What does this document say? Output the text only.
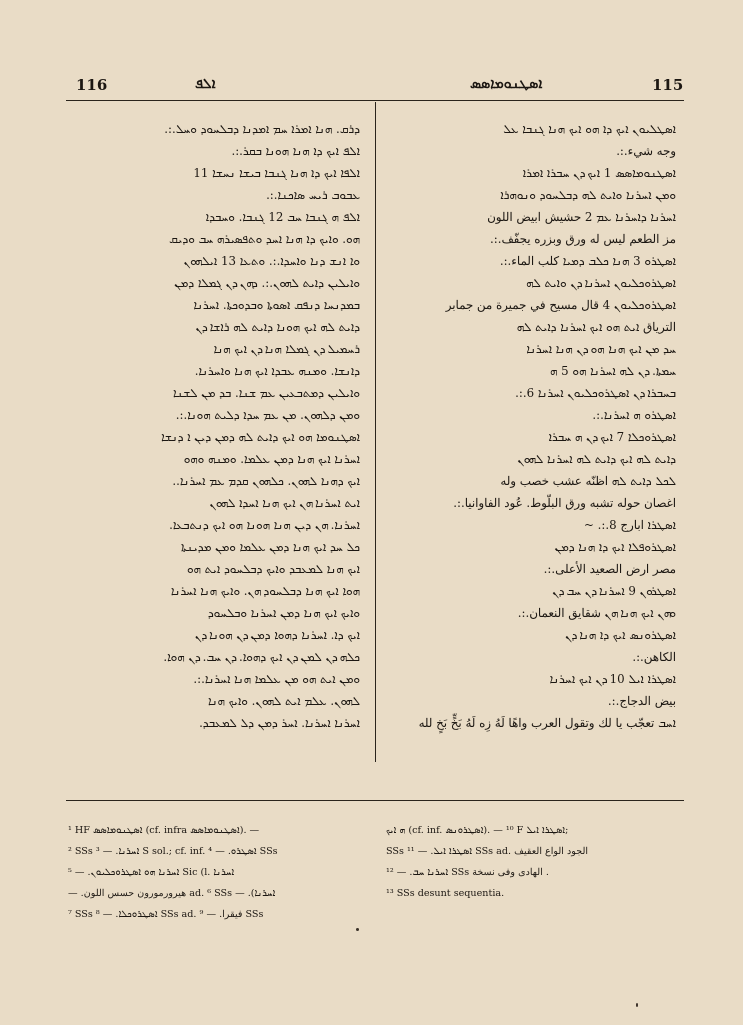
116	ܐܠܦ	ܐܣܛܢܘܡܐܣܣ	115
ܕܪܩ. ܗܢܐ ܐܡܪܐ ܚܡ ܐܡܕܢܐ ܕܒܠܚܘܕ ܘܚܠ.:.
ܐܠܦ ܐܝܟ ܕܐ ܗܢܐ ܗܘܢܐ ܒܩܪ.:.
ܐܠܦܐ ܐܝܟ ܕܐ ܗܢܐ ܓܢܒܐ ܒܝܫܐ ܢܚܫܐ 11
ܥܒܘܒ ܪܝܚ ܣܐܟܢܐ.:.
ܐܠܦ ܗ ܓܢܒܐ ܚܒ 12 ܓܢܒܐ. ܘܚܒܕܐ
ܗܘ. ܘܐܝܟ ܕܐ ܗܢܐ ܐܚܕ ܘܬܦܣܝܪܗ ܚܒ ܘܕܝܩ
ܘܐ ܐܢܫ ܕܢܐ ܘܐܚܕܐ.:. ܘܬܥܐ 13 ܐܝܠܗܘܢ
ܘܐܝܠܝܢ ܕܐܝܬ ܠܗܘܢ.:. ܕܗܢ ܕܢ ܓܡܠܐ ܕܡܢ
ܒܡܕܢܚܐ ܕܢܦܩ ܐܣܘܬܐ ܘܒܕܘܟܬܐ. ܐܚܪܢܐ
ܕܐܝܬ ܠܗ ܐܝܟ ܗܘܢܐ ܕܐܝܬ ܠܗ ܪܐܫܐ ܕܢ
ܪܚܡܝܠ ܕܢ ܓܡܠܐ ܗܢܐ ܕܢ ܐܝܟ ܗܢܐ
ܕܐܢܫܐ. ܘܡܢܗ ܥܒܕܐ ܐܝܟ ܗܢܐ ܘܐܚܪܢܐ.
ܘܐܝܠܝܢ ܕܡܬܒܥܝܢ ܥܡ ܫܢܐ. ܒܕ ܡܢ ܠܫܢܐ
ܘܡܢ ܕܠܗܘܢ. ܡܢ ܥܡ ܚܕܐ ܕܠܝܬ ܗܘܢܐ.:.
ܐܣܛܢܘܡܐ ܗܘ ܐܝܟ ܕܐܝܬ ܠܗ ܕܡܢ ܕܝܢ ܐ ܕܢܫܐ
ܐܚܪܢܐ ܐܝܟ ܗܢܐ ܕܡܢ ܥܠܡܐ. ܘܡܢܗ ܘܗܘ
ܐܝܟ ܕܗܢܐ ܠܗܘܢ. ܟܠܗܘܢ ܩܕܡ ܥܡ ܐܚܪܢܐ..
ܐܝܬ ܐܚܪܢܐ ܗܢ ܐܝܟ ܗܢܐ ܐܚܕܐ ܠܗܘܢ
ܐܚܪܢܐ. ܗܢ ܕܝܢ ܗܢܐ ܗܘܢܐ ܗܘ ܐܝܟ ܕܢܬܒܥܐ.
ܟܠ ܚܕ ܐܝܟ ܗܢܐ ܕܡܢ ܥܠܡܐ ܘܡܢ ܡܕܝܢܬܐ
ܐܝܟ ܗܢܐ ܠܡܥܒܕ ܘܐܝܟ ܕܒܠܚܘܕ ܐܝܬ ܗܘ
ܗܘܐ ܐܝܟ ܗܢܐ ܕܒܠܚܘܕ ܗܢ. ܘܐܝܟ ܗܢܐ ܐܚܪܢܐ
ܘܐܝܟ ܐܝܟ ܗܢܐ ܕܡܢ ܐܚܪܢܐ ܘܒܠܚܘܕ
ܐܝܟ ܕܐ. ܐܚܪܢܐ ܕܗܘܐ ܕܡܢ ܕܢ ܗܘܢܐ ܕܢ
ܟܠܗ ܕܢ ܠܡܢ ܕܢ ܐܝܟ ܕܗܘܐ. ܕܢ ܚܒ. ܕܢ ܗܘܐ.
ܘܡܢ ܐܝܬ ܗܘ ܡܢ ܥܠܡܐ ܗܢܐ ܐܚܪܢܐ.:.
ܠܗܘܢ. ܥܠܡ ܐܝܬ ܠܗܘܢ. ܘܐܝܟ ܗܢܐ
ܐܚܪܢܐ ܐܚܪܢܐ. ܐܚܪ ܕܡܢ ܕܠ ܠܡܥܒܕ.
ܐܣܛܠܝܘܢ ܐܝܟ ܕܐ ܗܘ ܐܝܟ ܗܢܐ ܓܢܒܐ ܥܠ
وجه شيء.:.
ܐܣܛܢܘܡܐܣܣ 1 ܐܝܟ ܕܢ ܚܒܪܐ ܐܡܪܐ
ܘܡܢ ܐܚܪܢܐ ܘܐܝܬ ܠܗ ܕܒܠܚܘܕ ܘܢܘܗܪܐ
ܐܚܪܢܐ ܕܐܚܪܢܐ ܥܡ 2 حشيش ابيض اللون
مز الطعم ليس له ورق وبزره يجفّف.:.
ܐܣܛܪܘ 3 ܗܢܐ ܟܠܒ ܕܡܝܐ كلب الماء.:.
ܐܣܛܪܘܟܠܝܘܢ ܐܚܪܢܐ ܕܢ ܘܐܝܬ ܠܗ
ܐܣܛܪܘܟܠܝܘܢ 4 قال مسيح في جميرة من جمابر
الترياق ܐܝܬ ܗܘ ܐܝܟ ܐܚܪܢܐ ܕܐܝܬ ܠܗ
ܚܕ ܡܢ ܐܝܟ ܗܢܐ ܗܘ ܕܢ ܗܢܐ ܐܚܪܢܐ
ܚܡܬܐ. ܕܢ ܠܗ ܐܚܪܢܐ ܗܘ 5 ܗ
ܒܚܒܪܐ ܕܢ ܐܣܛܪܘܟܠܝܘܢ ܐܚܪܢܐ 6.:.
ܐܣܛܪܘ ܗ ܐܚܪܢܐ.:.
ܐܣܛܪܘܟܠܐ 7 ܐܝܟ ܕܢ ܗ ܚܒܪܐ
ܕܐܝܬ ܠܗ ܐܝܟ ܕܐܝܬ ܠܗ ܐܚܪܢܐ ܠܗܘܢ
ܠܟܠ ܕܐܝܬ ܠܗ اظنّه عشب خصب وله
اغصان حوله تشبه ورق البلّوط. عُود الفاوانيا.:.
ܐܣܛܪܐ ابارج 8.:. ~
ܐܣܛܪܘܦܠܐ ܐܝܟ ܕܐ ܗܢܐ ܕܡܢ
مصر ارض الصعيد الأعلى.:.
ܐܣܛܪܘܢ 9 ܐܚܪܢܐ ܕܢ ܚܒ ܕܢ
ܘܗܢ ܐܝܟ ܗܢܐ ܗܢ شقايق النعمان.:.
ܐܣܛܪܘܢܣ ܐܝܟ ܕܐ ܗܢܐ ܕܢ
الكاهن.:.
ܐܣܛܪܐ ܐܝܠ 10 ܕܢ ܐܝܟ ܐܚܪܢܐ
بيض الدجاج.:.
ܐܚܒ تعجّب يا لك وتقول العرب واهًا لَهُ زِه لَهُ بَخٍّ بَخٍ لله
¹ HF ܐܣܛܢܘܡܐܣܣ (cf. infra ܐܣܛܢܘܡܐܣܣ). —
² SSs ܐܚܪܢܐ. — ³ S sol.; cf. inf. ܐܣܛܪܘ. — ⁴ SSs
ܐܚܪܢܐ ܗܘ ܐܣܛܪܘܟܠܝܘܢ. — ⁵ Sic (l. ܐܚܪܢܐ
— .هيرورمورون حسس اللون ad. ⁶ SSs — .(ܐܚܪܢܐ
⁷ SSs ܐܣܛܪܘܟܠܐ. — ⁸ SSs ad. فيقرا. — ⁹ SSs
ܗ ܐܝܟ (cf. inf. ܐܣܛܪܘܢܣ). — ¹⁰ F ܐܣܛܪܐ ܐܝܠ;
SSs ܐܣܛܪܐ ܐܝܠ. — ¹¹ SSs ad. الجود الواع العقيف
ܐܚܪܢܐ ܚܒ. — ¹² SSs الهادى وفى نسخة .
¹³ SSs desunt sequentia.
